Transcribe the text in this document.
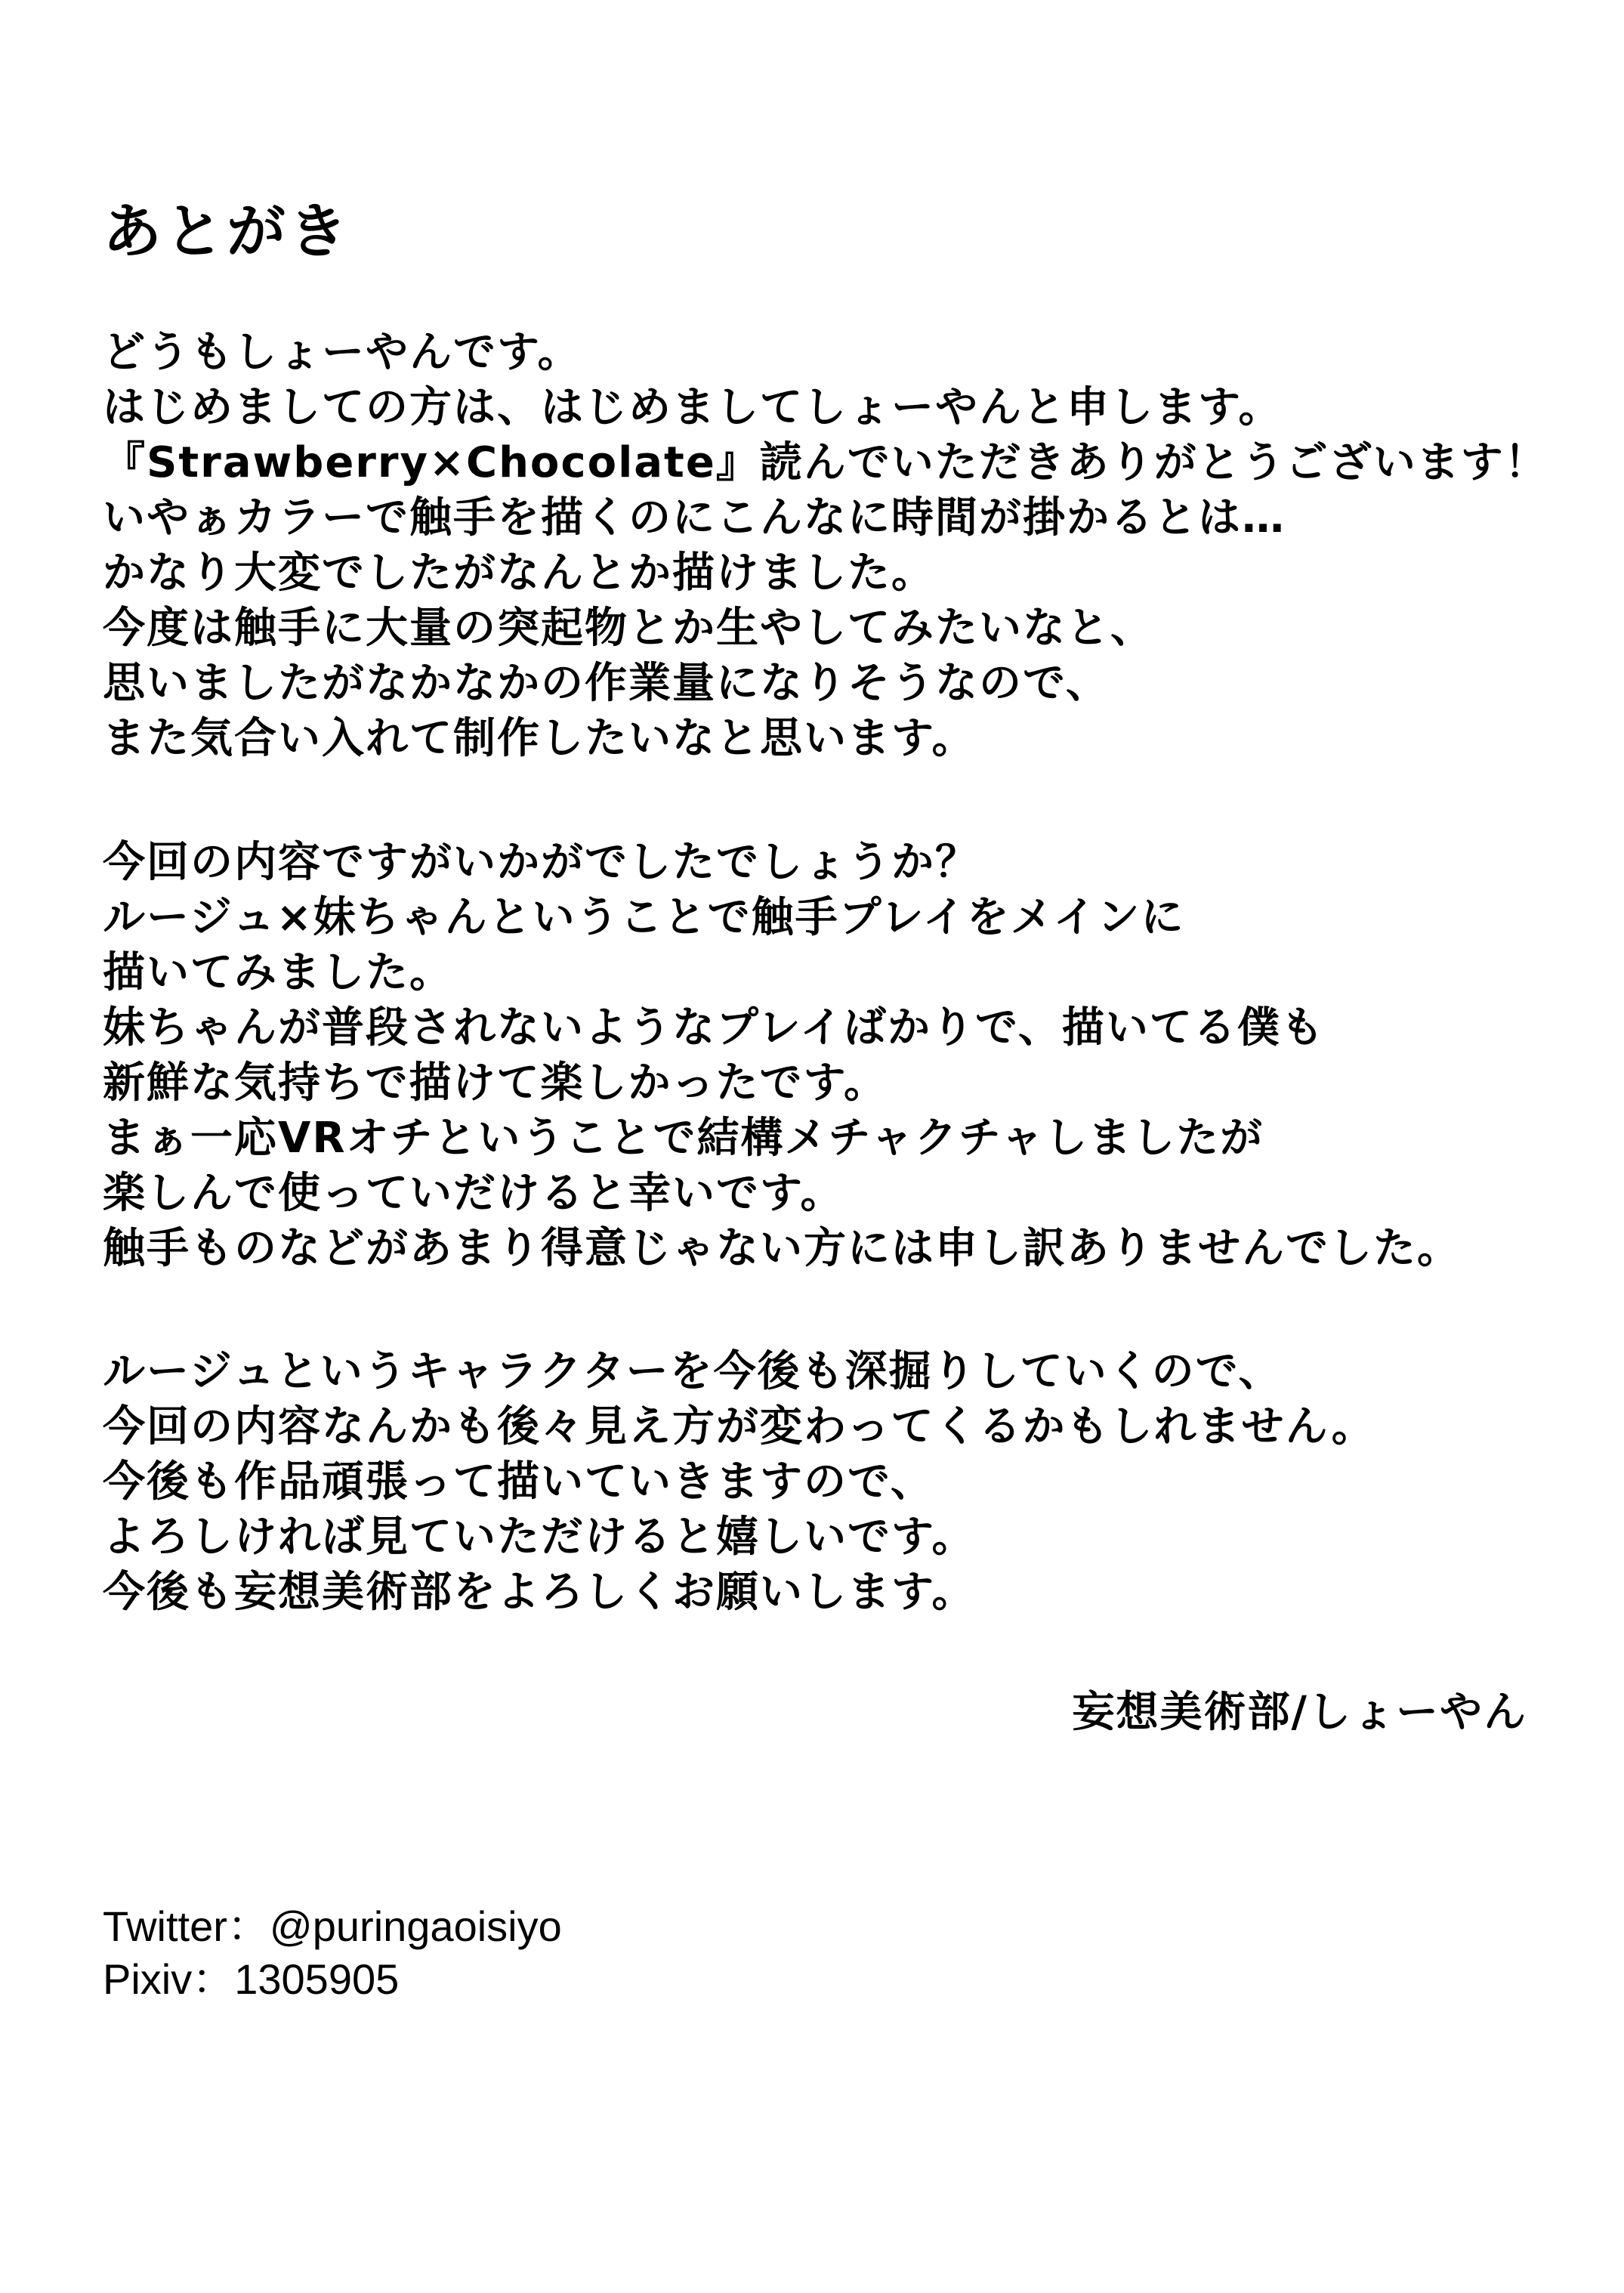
あとがき
どうもしょーやんです。
はじめましての方は、はじめましてしょーやんと申します。
『Strawberry×Chocolate』読んでいただきありがとうございます！
いやぁカラーで触手を描くのにこんなに時間が掛かるとは…
かなり大変でしたがなんとか描けました。
今度は触手に大量の突起物とか生やしてみたいなと、
思いましたがなかなかの作業量になりそうなので、
また気合い入れて制作したいなと思います。
今回の内容ですがいかがでしたでしょうか？
ルージュ×妹ちゃんということで触手プレイをメインに
描いてみました。
妹ちゃんが普段されないようなプレイばかりで、描いてる僕も
新鮮な気持ちで描けて楽しかったです。
まぁ一応VRオチということで結構メチャクチャしましたが
楽しんで使っていだけると幸いです。
触手ものなどがあまり得意じゃない方には申し訳ありませんでした。
ルージュというキャラクターを今後も深掘りしていくので、
今回の内容なんかも後々見え方が変わってくるかもしれません。
今後も作品頑張って描いていきますので、
よろしければ見ていただけると嬉しいです。
今後も妄想美術部をよろしくお願いします。
妄想美術部/しょーやん
Twitter：@puringaoisiyo
Pixiv：1305905
